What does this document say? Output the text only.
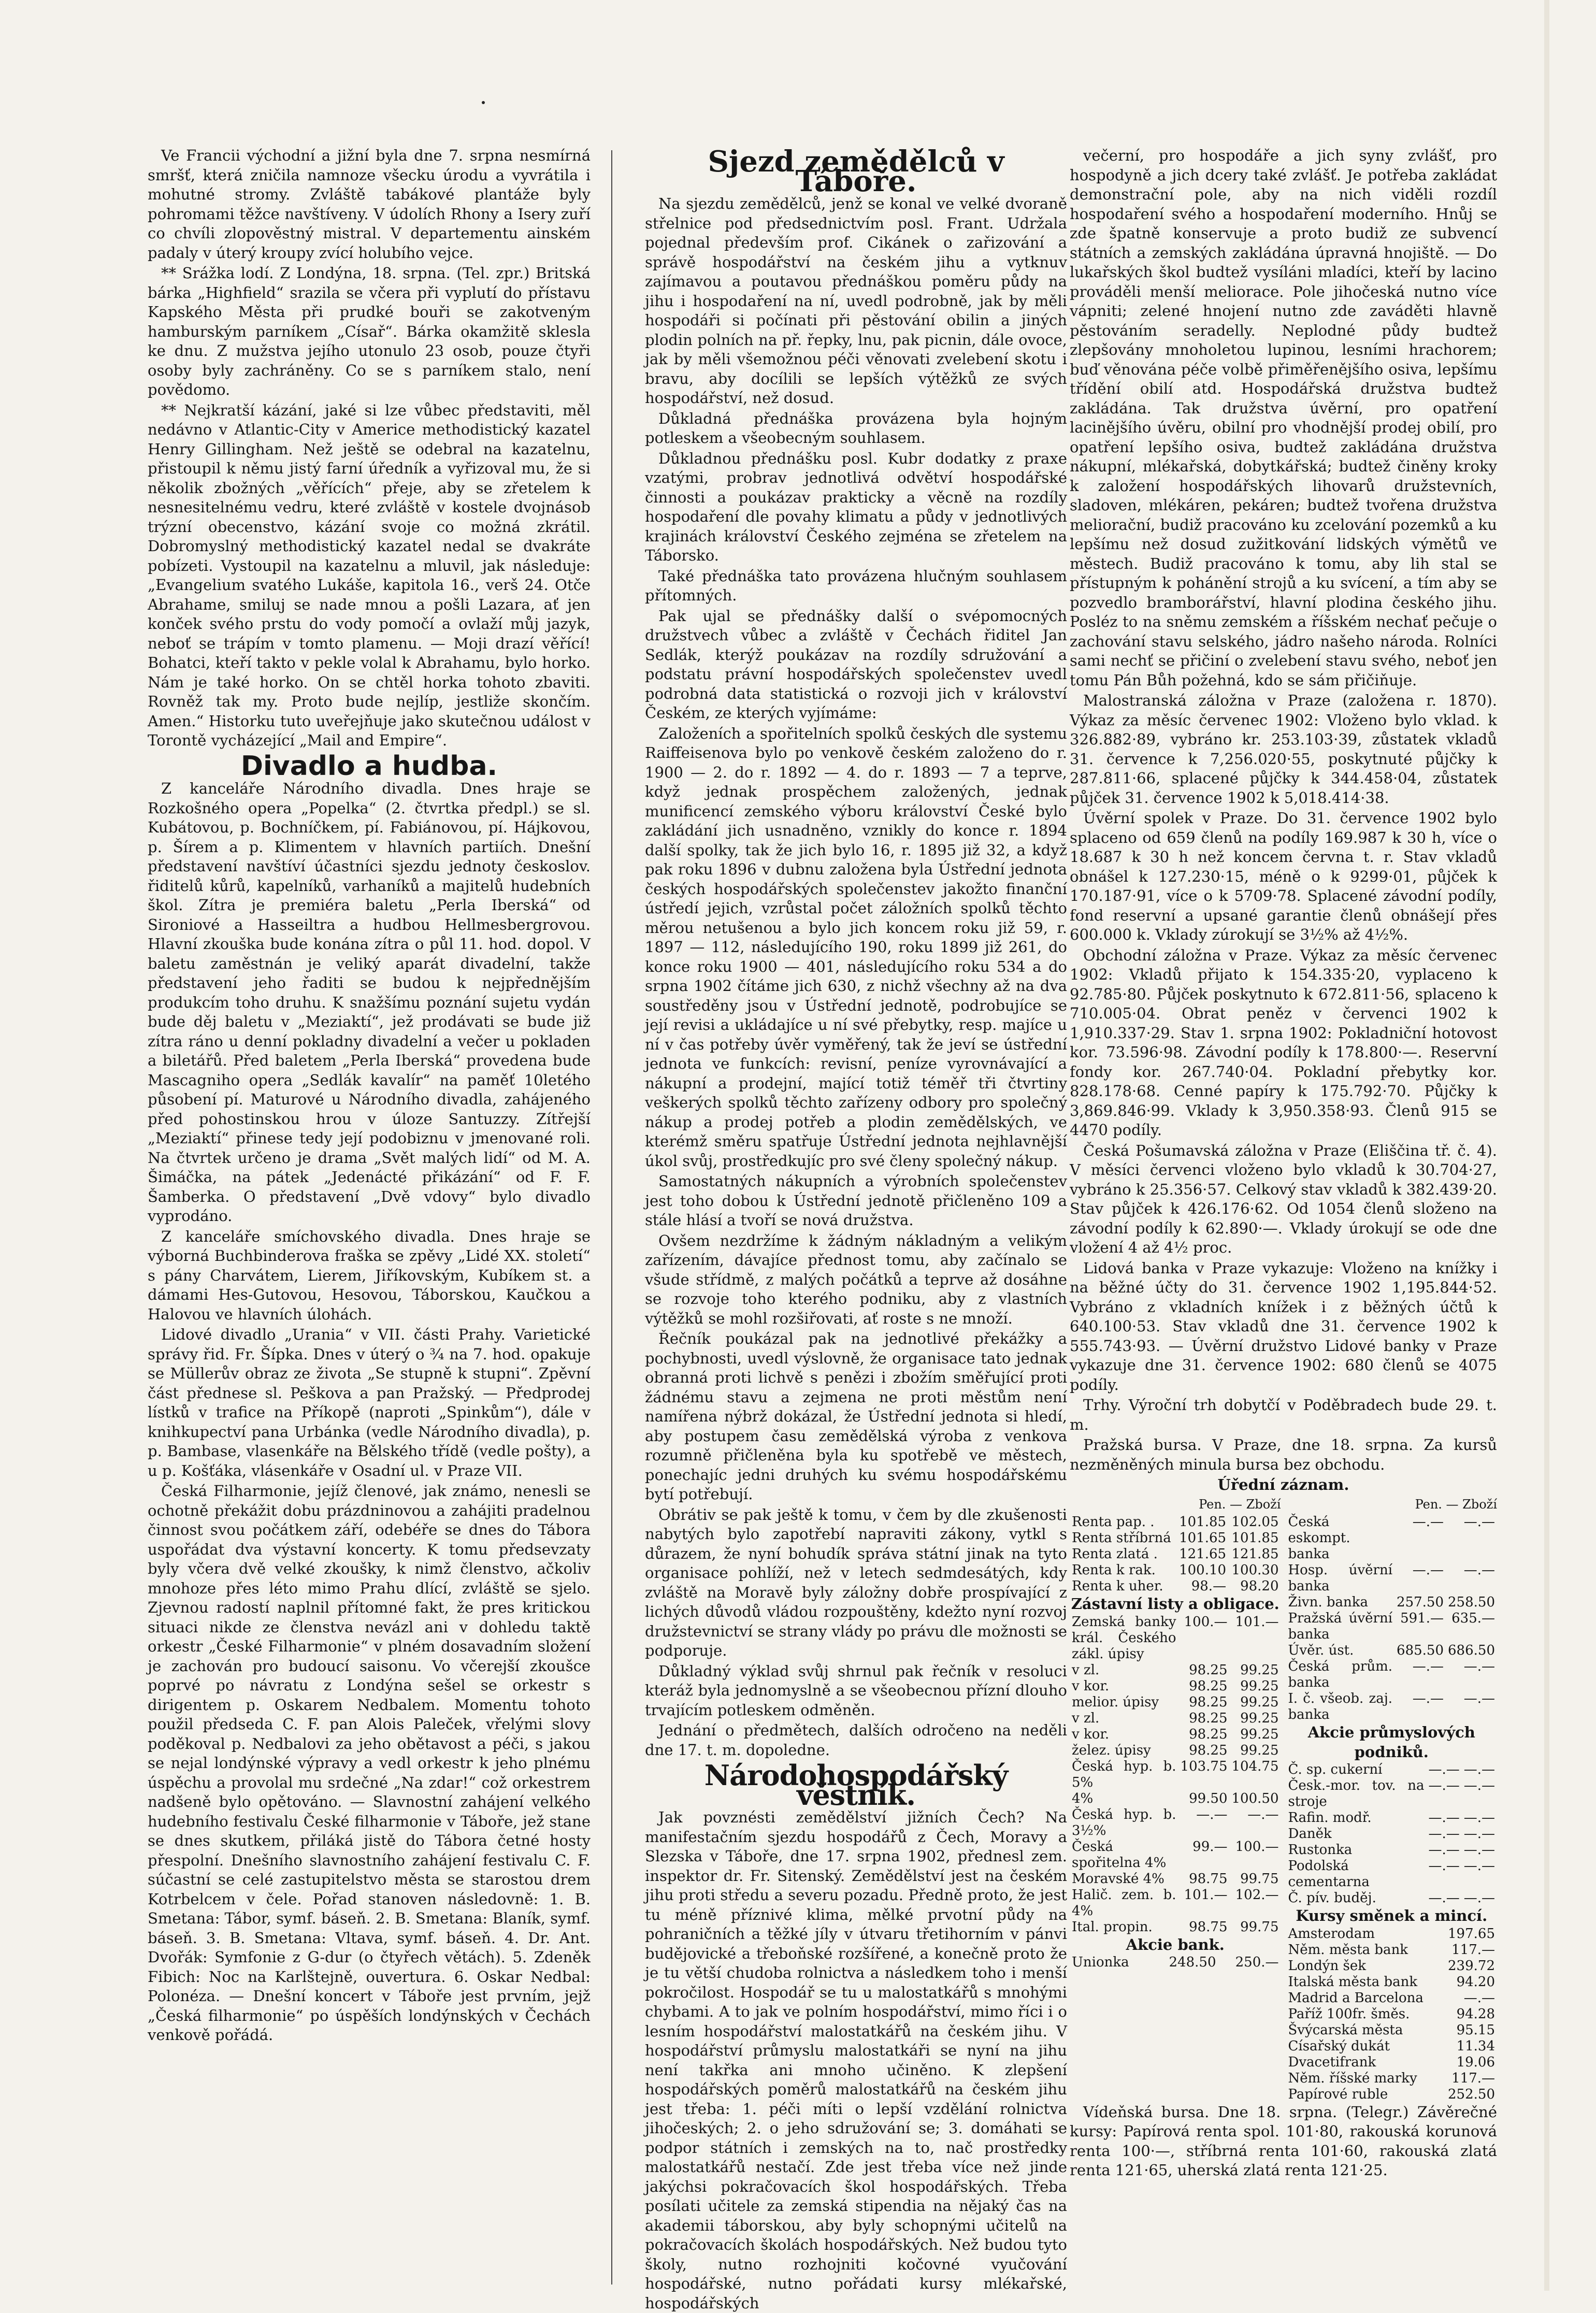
Ve Francii východní a jižní byla dne 7. srpna nesmírná smršť, která zničila namnoze všecku úrodu a vyvrátila i mohutné stromy. Zvláště tabákové plantáže byly pohromami těžce navštíveny. V údolích Rhony a Isery zuří co chvíli zlopověstný mistral. V departementu ainském padaly v úterý kroupy zvící holubího vejce.

** Srážka lodí. Z Londýna, 18. srpna. (Tel. zpr.) Britská bárka „Highfield“ srazila se včera při vyplutí do přístavu Kapského Města při prudké bouři se zakotveným hamburským parníkem „Císař“. Bárka okamžitě sklesla ke dnu. Z mužstva jejího utonulo 23 osob, pouze čtyři osoby byly zachráněny. Co se s parníkem stalo, není povědomo.

** Nejkratší kázání, jaké si lze vůbec představiti, měl nedávno v Atlantic-City v Americe methodistický kazatel Henry Gillingham. Než ještě se odebral na kazatelnu, přistoupil k němu jistý farní úředník a vyřizoval mu, že si několik zbožných „věřících“ přeje, aby se zřetelem k nesnesitelnému vedru, které zvláště v kostele dvojnásob trýzní obecenstvo, kázání svoje co možná zkrátil. Dobromyslný methodistický kazatel nedal se dvakráte pobízeti. Vystoupil na kazatelnu a mluvil, jak následuje: „Evangelium svatého Lukáše, kapitola 16., verš 24. Otče Abrahame, smiluj se nade mnou a pošli Lazara, ať jen konček svého prstu do vody pomočí a ovlaží můj jazyk, neboť se trápím v tomto plamenu. — Moji drazí věřící! Bohatci, kteří takto v pekle volal k Abrahamu, bylo horko. Nám je také horko. On se chtěl horka tohoto zbaviti. Rovněž tak my. Proto bude nejlíp, jestliže skončím. Amen.“ Historku tuto uveřejňuje jako skutečnou událost v Torontě vycházející „Mail and Empire“.

Divadlo a hudba.

Z kanceláře Národního divadla. Dnes hraje se Rozkošného opera „Popelka“ (2. čtvrtka předpl.) se sl. Kubátovou, p. Bochníčkem, pí. Fabiánovou, pí. Hájkovou, p. Šírem a p. Klimentem v hlavních partiích. Dnešní představení navštíví účastníci sjezdu jednoty českoslov. řiditelů kůrů, kapelníků, varhaníků a majitelů hudebních škol. Zítra je premiéra baletu „Perla Iberská“ od Sironiové a Hasseiltra a hudbou Hellmesbergrovou. Hlavní zkouška bude konána zítra o půl 11. hod. dopol. V baletu zaměstnán je veliký aparát divadelní, takže představení jeho řaditi se budou k nejpřednějším produkcím toho druhu. K snažšímu poznání sujetu vydán bude děj baletu v „Meziaktí“, jež prodávati se bude již zítra ráno u denní pokladny divadelní a večer u pokladen a biletářů. Před baletem „Perla Iberská“ provedena bude Mascagniho opera „Sedlák kavalír“ na paměť 10letého působení pí. Maturové u Národního divadla, zahájeného před pohostinskou hrou v úloze Santuzzy. Zítřejší „Meziaktí“ přinese tedy její podobiznu v jmenované roli. Na čtvrtek určeno je drama „Svět malých lidí“ od M. A. Šimáčka, na pátek „Jedenácté přikázání“ od F. F. Šamberka. O představení „Dvě vdovy“ bylo divadlo vyprodáno.

Z kanceláře smíchovského divadla. Dnes hraje se výborná Buchbinderova fraška se zpěvy „Lidé XX. století“ s pány Charvátem, Lierem, Jiříkovským, Kubíkem st. a dámami Hes-Gutovou, Hesovou, Táborskou, Kaučkou a Halovou ve hlavních úlohách.

Lidové divadlo „Urania“ v VII. části Prahy. Varietické správy řid. Fr. Šípka. Dnes v úterý o ¾ na 7. hod. opakuje se Müllerův obraz ze života „Se stupně k stupni“. Zpěvní část přednese sl. Peškova a pan Pražský. — Předprodej lístků v trafice na Příkopě (naproti „Spinkům“), dále v knihkupectví pana Urbánka (vedle Národního divadla), p. p. Bambase, vlasenkáře na Bělského třídě (vedle pošty), a u p. Košťáka, vlásenkáře v Osadní ul. v Praze VII.

Česká Filharmonie, jejíž členové, jak známo, nenesli se ochotně překážit dobu prázdninovou a zahájiti pradelnou činnost svou počátkem září, odebéře se dnes do Tábora uspořádat dva výstavní koncerty. K tomu předsevzaty byly včera dvě velké zkoušky, k nimž členstvo, ačkoliv mnohoze přes léto mimo Prahu dlící, zvláště se sjelo. Zjevnou radostí naplnil přítomné fakt, že pres kritickou situaci nikde ze členstva nevázl ani v dohledu taktě orkestr „České Filharmonie“ v plném dosavadním složení je zachován pro budoucí saisonu. Vo včerejší zkoušce poprvé po návratu z Londýna sešel se orkestr s dirigentem p. Oskarem Nedbalem. Momentu tohoto použil předseda C. F. pan Alois Paleček, vřelými slovy poděkoval p. Nedbalovi za jeho obětavost a péči, s jakou se nejal londýnské výpravy a vedl orkestr k jeho plnému úspěchu a provolal mu srdečné „Na zdar!“ což orkestrem nadšeně bylo opětováno. — Slavnostní zahájení velkého hudebního festivalu České filharmonie v Táboře, jež stane se dnes skutkem, přiláká jistě do Tábora četné hosty přespolní. Dnešního slavnostního zahájení festivalu C. F. súčastní se celé zastupitelstvo města se starostou drem Kotrbelcem v čele. Pořad stanoven následovně: 1. B. Smetana: Tábor, symf. báseň. 2. B. Smetana: Blaník, symf. báseň. 3. B. Smetana: Vltava, symf. báseň. 4. Dr. Ant. Dvořák: Symfonie z G-dur (o čtyřech větách). 5. Zdeněk Fibich: Noc na Karlštejně, ouvertura. 6. Oskar Nedbal: Polonéza. — Dnešní koncert v Táboře jest prvním, jejž „Česká filharmonie“ po úspěších londýnských v Čechách venkově pořádá.

Sjezd zemědělců v Táboře.

Na sjezdu zemědělců, jenž se konal ve velké dvoraně střelnice pod předsednictvím posl. Frant. Udržala pojednal především prof. Cikánek o zařizování a správě hospodářství na českém jihu a vytknuv zajímavou a poutavou přednáškou poměru půdy na jihu i hospodaření na ní, uvedl podrobně, jak by měli hospodáři si počínati při pěstování obilin a jiných plodin polních na př. řepky, lnu, pak picnin, dále ovoce, jak by měli všemožnou péči věnovati zvelebení skotu i bravu, aby docílili se lepších výtěžků ze svých hospodářství, než dosud.

Důkladná přednáška provázena byla hojným potleskem a všeobecným souhlasem.

Důkladnou přednášku posl. Kubr dodatky z praxe vzatými, probrav jednotlivá odvětví hospodářské činnosti a poukázav prakticky a věcně na rozdíly hospodaření dle povahy klimatu a půdy v jednotlivých krajinách království Českého zejména se zřetelem na Táborsko.

Také přednáška tato provázena hlučným souhlasem přítomných.

Pak ujal se přednášky další o svépomocných družstvech vůbec a zvláště v Čechách řiditel Jan Sedlák, kterýž poukázav na rozdíly sdružování a podstatu právní hospodářských společenstev uvedl podrobná data statistická o rozvoji jich v království Českém, ze kterých vyjímáme:

Založeních a spořitelních spolků českých dle systemu Raiffeisenova bylo po venkově českém založeno do r. 1900 — 2. do r. 1892 — 4. do r. 1893 — 7 a teprve, když jednak prospěchem založených, jednak munificencí zemského výboru království České bylo zakládání jich usnadněno, vznikly do konce r. 1894 další spolky, tak že jich bylo 16, r. 1895 již 32, a když pak roku 1896 v dubnu založena byla Ústřední jednota českých hospodářských společenstev jakožto finanční ústředí jejich, vzrůstal počet záložních spolků těchto měrou netušenou a bylo jich koncem roku již 59, r. 1897 — 112, následujícího 190, roku 1899 již 261, do konce roku 1900 — 401, následujícího roku 534 a do srpna 1902 čítáme jich 630, z nichž všechny až na dva soustředěny jsou v Ústřední jednotě, podrobujíce se její revisi a ukládajíce u ní své přebytky, resp. majíce u ní v čas potřeby úvěr vyměřený, tak že jeví se ústřední jednota ve funkcích: revisní, peníze vyrovnávající a nákupní a prodejní, mající totiž téměř tři čtvrtiny veškerých spolků těchto zařízeny odbory pro společný nákup a prodej potřeb a plodin zemědělských, ve kterémž směru spatřuje Ústřední jednota nejhlavnější úkol svůj, prostředkujíc pro své členy společný nákup.

Samostatných nákupních a výrobních společenstev jest toho dobou k Ústřední jednotě přičleněno 109 a stále hlásí a tvoří se nová družstva.

Ovšem nezdržíme k žádným nákladným a velikým zařízením, dávajíce přednost tomu, aby začínalo se všude střídmě, z malých počátků a teprve až dosáhne se rozvoje toho kterého podniku, aby z vlastních výtěžků se mohl rozšiřovati, ať roste s ne množí.

Řečník poukázal pak na jednotlivé překážky a pochybnosti, uvedl výslovně, že organisace tato jednak obranná proti lichvě s penězi i zbožím směřující proti žádnému stavu a zejmena ne proti městům není namířena nýbrž dokázal, že Ústřední jednota si hledí, aby postupem času zemědělská výroba z venkova rozumně přičleněna byla ku spotřebě ve městech, ponechajíc jedni druhých ku svému hospodářskému bytí potřebují.

Obrátiv se pak ještě k tomu, v čem by dle zkušenosti nabytých bylo zapotřebí napraviti zákony, vytkl s důrazem, že nyní bohudík správa státní jinak na tyto organisace pohlíží, než v letech sedmdesátých, kdy zvláště na Moravě byly záložny dobře prospívající z lichých důvodů vládou rozpouštěny, kdežto nyní rozvoj družstevnictví se strany vlády po právu dle možnosti se podporuje.

Důkladný výklad svůj shrnul pak řečník v resoluci kteráž byla jednomyslně a se všeobecnou přízní dlouho trvajícím potleskem odměněn.

Jednání o předmětech, dalších odročeno na neděli dne 17. t. m. dopoledne.

Národohospodářský věstník.

Jak povznésti zemědělství jižních Čech? Na manifestačním sjezdu hospodářů z Čech, Moravy a Slezska v Táboře, dne 17. srpna 1902, přednesl zem. inspektor dr. Fr. Sitenský. Zemědělství jest na českém jihu proti středu a severu pozadu. Předně proto, že jest tu méně příznivé klima, mělké prvotní půdy na pohraničních a těžké jíly v útvaru třetihorním v pánvi budějovické a třeboňské rozšířené, a konečně proto že je tu větší chudoba rolnictva a následkem toho i menší pokročilost. Hospodář se tu u malostatkářů s mnohými chybami. A to jak ve polním hospodářství, mimo říci i o lesním hospodářství malostatkářů na českém jihu. V hospodářství průmyslu malostatkáři se nyní na jihu není takřka ani mnoho učiněno. K zlepšení hospodářských poměrů malostatkářů na českém jihu jest třeba: 1. péči míti o lepší vzdělání rolnictva jihočeských; 2. o jeho sdružování se; 3. domáhati se podpor státních i zemských na to, nač prostředky malostatkářů nestačí. Zde jest třeba více než jinde jakýchsi pokračovacích škol hospodářských. Třeba posílati učitele za zemská stipendia na nějaký čas na akademii táborskou, aby byly schopnými učitelů na pokračovacích školách hospodářských. Než budou tyto školy, nutno rozhojniti kočovné vyučování hospodářské, nutno pořádati kursy mlékařské, hospodářských

večerní, pro hospodáře a jich syny zvlášť, pro hospodyně a jich dcery také zvlášť. Je potřeba zakládat demonstrační pole, aby na nich viděli rozdíl hospodaření svého a hospodaření moderního. Hnůj se zde špatně konservuje a proto budiž ze subvencí státních a zemských zakládána úpravná hnojiště. — Do lukařských škol budtež vysíláni mladíci, kteří by lacino prováděli menší meliorace. Pole jihočeská nutno více vápniti; zelené hnojení nutno zde zaváděti hlavně pěstováním seradelly. Neplodné půdy budtež zlepšovány mnoholetou lupinou, lesními hrachorem; buď věnována péče volbě přiměřenějšího osiva, lepšímu třídění obilí atd. Hospodářská družstva budtež zakládána. Tak družstva úvěrní, pro opatření lacinějšího úvěru, obilní pro vhodnější prodej obilí, pro opatření lepšího osiva, budtež zakládána družstva nákupní, mlékařská, dobytkářská; budtež činěny kroky k založení hospodářských lihovarů družstevních, sladoven, mlékáren, pekáren; budtež tvořena družstva meliorační, budiž pracováno ku zcelování pozemků a ku lepšímu než dosud zužitkování lidských výmětů ve městech. Budiž pracováno k tomu, aby lih stal se přístupným k pohánění strojů a ku svícení, a tím aby se pozvedlo bramborářství, hlavní plodina českého jihu. Posléz to na sněmu zemském a říšském nechať pečuje o zachování stavu selského, jádro našeho národa. Rolníci sami nechť se přičiní o zvelebení stavu svého, neboť jen tomu Pán Bůh požehná, kdo se sám přičiňuje.

Malostranská záložna v Praze (založena r. 1870). Výkaz za měsíc červenec 1902: Vloženo bylo vklad. k 326.882·89, vybráno kr. 253.103·39, zůstatek vkladů 31. července k 7,256.020·55, poskytnuté půjčky k 287.811·66, splacené půjčky k 344.458·04, zůstatek půjček 31. července 1902 k 5,018.414·38.

Úvěrní spolek v Praze. Do 31. července 1902 bylo splaceno od 659 členů na podíly 169.987 k 30 h, více o 18.687 k 30 h než koncem června t. r. Stav vkladů obnášel k 127.230·15, méně o k 9299·01, půjček k 170.187·91, více o k 5709·78. Splacené závodní podíly, fond reservní a upsané garantie členů obnášejí přes 600.000 k. Vklady zúrokují se 3½% až 4½%.

Obchodní záložna v Praze. Výkaz za měsíc červenec 1902: Vkladů přijato k 154.335·20, vyplaceno k 92.785·80. Půjček poskytnuto k 672.811·56, splaceno k 710.005·04. Obrat peněz v červenci 1902 k 1,910.337·29. Stav 1. srpna 1902: Pokladniční hotovost kor. 73.596·98. Závodní podíly k 178.800·—. Reservní fondy kor. 267.740·04. Pokladní přebytky kor. 828.178·68. Cenné papíry k 175.792·70. Půjčky k 3,869.846·99. Vklady k 3,950.358·93. Členů 915 se 4470 podíly.

Česká Pošumavská záložna v Praze (Eliščina tř. č. 4). V měsíci červenci vloženo bylo vkladů k 30.704·27, vybráno k 25.356·57. Celkový stav vkladů k 382.439·20. Stav půjček k 426.176·62. Od 1054 členů složeno na závodní podíly k 62.890·—. Vklady úrokují se ode dne vložení 4 až 4½ proc.

Lidová banka v Praze vykazuje: Vloženo na knížky i na běžné účty do 31. července 1902 1,195.844·52. Vybráno z vkladních knížek i z běžných účtů k 640.100·53. Stav vkladů dne 31. července 1902 k 555.743·93. — Úvěrní družstvo Lidové banky v Praze vykazuje dne 31. července 1902: 680 členů se 4075 podíly.

Trhy. Výroční trh dobytčí v Poděbradech bude 29. t. m.

Pražská bursa. V Praze, dne 18. srpna. Za kursů nezměněných minula bursa bez obchodu.

Úřední záznam.
Pen. — Zboží
Renta pap. .	101.85	102.05
Renta stříbrná	101.65	101.85
Renta zlatá .	121.65	121.85
Renta k rak.	100.10	100.30
Renta k uher.	98.—	98.20
Zástavní listy a obligace.
Zemská banky král. Českého zákl. úpisy	100.—	101.—
v zl.	98.25	99.25
v kor.	98.25	99.25
melior. úpisy	98.25	99.25
v zl.	98.25	99.25
v kor.	98.25	99.25
želez. úpisy	98.25	99.25
Česká hyp. b. 5%	103.75	104.75
4%	99.50	100.50
Česká hyp. b. 3½%	—.—	—.—
Česká spořitelna 4%	99.—	100.—
Moravské 4%	98.75	99.75
Halič. zem. b. 4%	101.—	102.—
Ital. propin.	98.75	99.75
Akcie bank.
Unionka	248.50	250.—
Pen. — Zboží
Česká eskompt. banka	—.—	—.—
Hosp. úvěrní banka	—.—	—.—
Živn. banka	257.50	258.50
Pražská úvěrní banka	591.—	635.—
Úvěr. úst.	685.50	686.50
Česká prům. banka	—.—	—.—
I. č. všeob. zaj. banka	—.—	—.—
Akcie průmyslových podniků.
Č. sp. cukerní	—.—	—.—
Česk.-mor. tov. na stroje	—.—	—.—
Rafin. modř.	—.—	—.—
Daněk	—.—	—.—
Rustonka	—.—	—.—
Podolská cementarna	—.—	—.—
Č. pív. buděj.	—.—	—.—
Kursy směnek a mincí.
Amsterodam	197.65
Něm. města bank	117.—
Londýn šek	239.72
Italská města bank	94.20
Madrid a Barcelona	—.—
Paříž 100fr. šměs.	94.28
Švýcarská města	95.15
Císařský dukát	11.34
Dvacetifrank	19.06
Něm. říšské marky	117.—
Papírové ruble	252.50

Vídeňská bursa. Dne 18. srpna. (Telegr.) Závěrečné kursy: Papírová renta spol. 101·80, rakouská korunová renta 100·—, stříbrná renta 101·60, rakouská zlatá renta 121·65, uherská zlatá renta 121·25.
